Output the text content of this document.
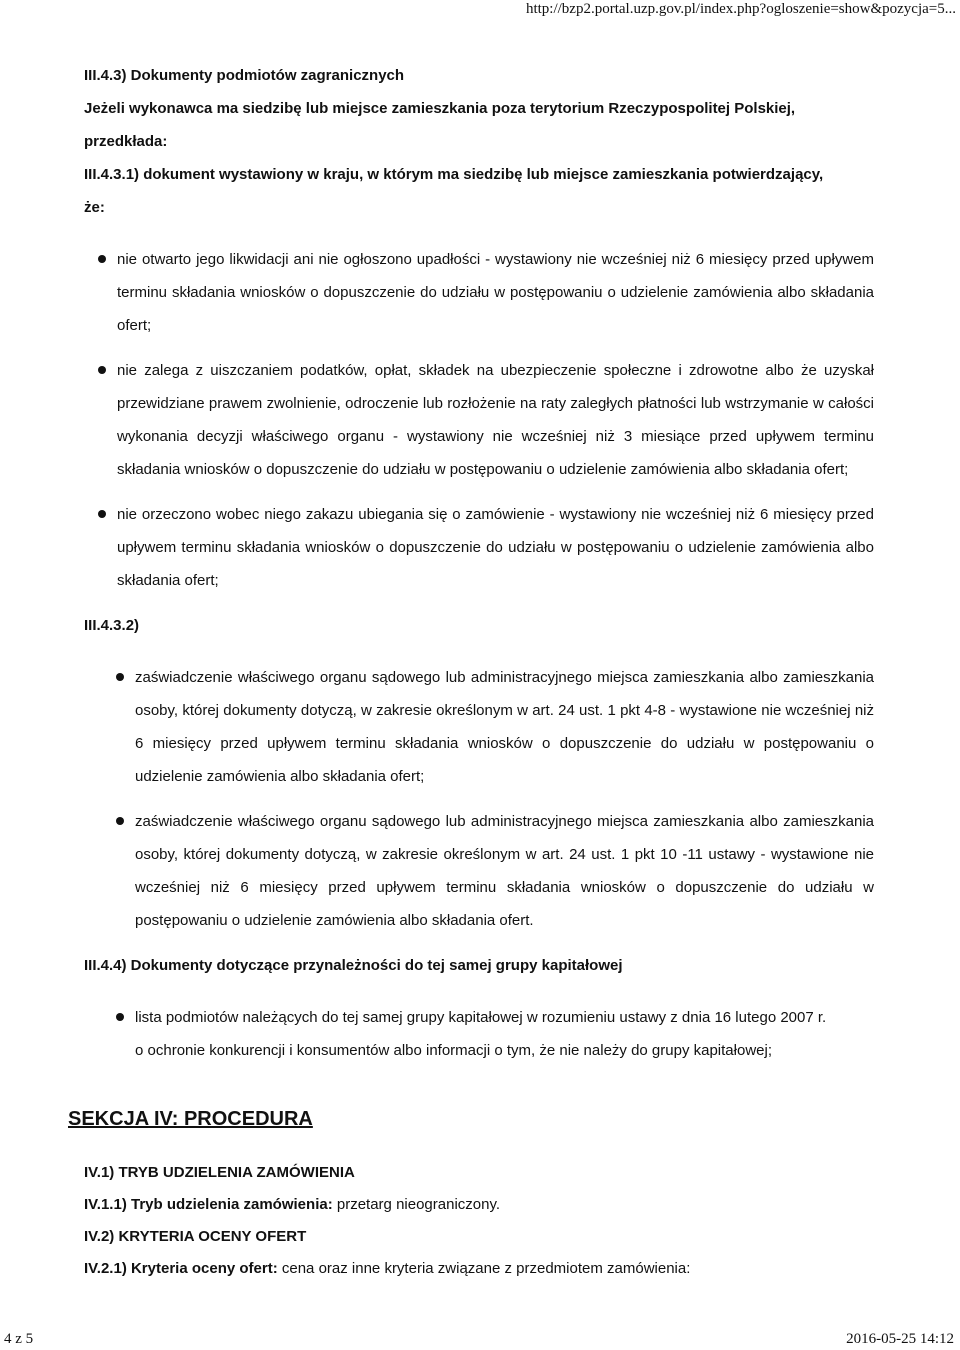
http://bzp2.portal.uzp.gov.pl/index.php?ogloszenie=show&pozycja=5...

III.4.3) Dokumenty podmiotów zagranicznych

Jeżeli wykonawca ma siedzibę lub miejsce zamieszkania poza terytorium Rzeczypospolitej Polskiej,

przedkłada:

III.4.3.1) dokument wystawiony w kraju, w którym ma siedzibę lub miejsce zamieszkania potwierdzający,

że:

nie otwarto jego likwidacji ani nie ogłoszono upadłości - wystawiony nie wcześniej niż 6 miesięcy przed upływem terminu składania wniosków o dopuszczenie do udziału w postępowaniu o udzielenie zamówienia albo składania ofert;
nie zalega z uiszczaniem podatków, opłat, składek na ubezpieczenie społeczne i zdrowotne albo że uzyskał przewidziane prawem zwolnienie, odroczenie lub rozłożenie na raty zaległych płatności lub wstrzymanie w całości wykonania decyzji właściwego organu - wystawiony nie wcześniej niż 3 miesiące przed upływem terminu składania wniosków o dopuszczenie do udziału w postępowaniu o udzielenie zamówienia albo składania ofert;
nie orzeczono wobec niego zakazu ubiegania się o zamówienie - wystawiony nie wcześniej niż 6 miesięcy przed upływem terminu składania wniosków o dopuszczenie do udziału w postępowaniu o udzielenie zamówienia albo składania ofert;

III.4.3.2)

zaświadczenie właściwego organu sądowego lub administracyjnego miejsca zamieszkania albo zamieszkania osoby, której dokumenty dotyczą, w zakresie określonym w art. 24 ust. 1 pkt 4-8 - wystawione nie wcześniej niż 6 miesięcy przed upływem terminu składania wniosków o dopuszczenie do udziału w postępowaniu o udzielenie zamówienia albo składania ofert;
zaświadczenie właściwego organu sądowego lub administracyjnego miejsca zamieszkania albo zamieszkania osoby, której dokumenty dotyczą, w zakresie określonym w art. 24 ust. 1 pkt 10 -11 ustawy - wystawione nie wcześniej niż 6 miesięcy przed upływem terminu składania wniosków o dopuszczenie do udziału w postępowaniu o udzielenie zamówienia albo składania ofert.

III.4.4) Dokumenty dotyczące przynależności do tej samej grupy kapitałowej

lista podmiotów należących do tej samej grupy kapitałowej w rozumieniu ustawy z dnia 16 lutego 2007 r.
o ochronie konkurencji i konsumentów albo informacji o tym, że nie należy do grupy kapitałowej;
SEKCJA IV: PROCEDURA

IV.1) TRYB UDZIELENIA ZAMÓWIENIA

IV.1.1) Tryb udzielenia zamówienia: przetarg nieograniczony.

IV.2) KRYTERIA OCENY OFERT

IV.2.1) Kryteria oceny ofert: cena oraz inne kryteria związane z przedmiotem zamówienia:

4 z 5	2016-05-25 14:12
